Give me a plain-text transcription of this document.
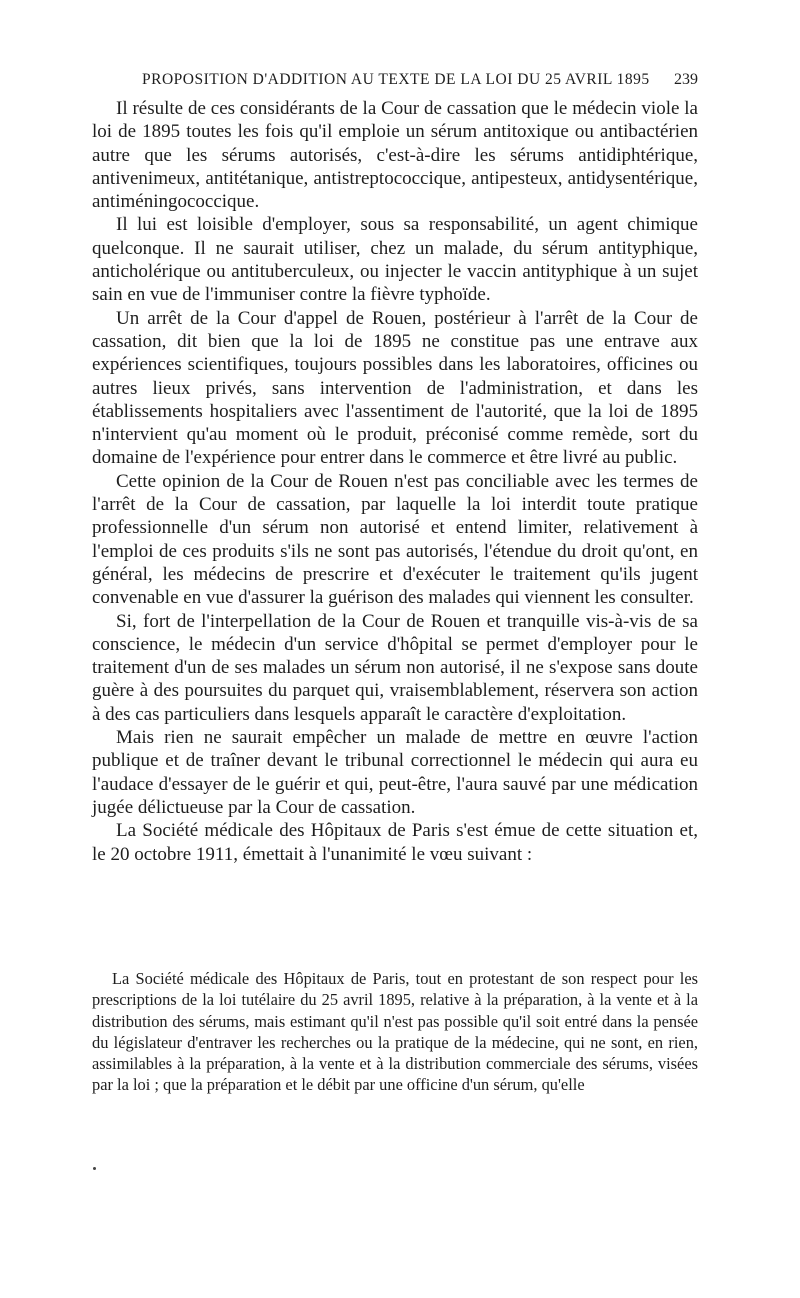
PROPOSITION D'ADDITION AU TEXTE DE LA LOI DU 25 AVRIL 1895 239

Il résulte de ces considérants de la Cour de cassation que le médecin viole la loi de 1895 toutes les fois qu'il emploie un sérum antitoxique ou antibactérien autre que les sérums autorisés, c'est-à-dire les sérums antidiphtérique, antivenimeux, antitétanique, antistreptococcique, antipesteux, antidysentérique, antiméningococcique.

Il lui est loisible d'employer, sous sa responsabilité, un agent chimique quelconque. Il ne saurait utiliser, chez un malade, du sérum antityphique, anticholérique ou antituberculeux, ou injecter le vaccin antityphique à un sujet sain en vue de l'immuniser contre la fièvre typhoïde.

Un arrêt de la Cour d'appel de Rouen, postérieur à l'arrêt de la Cour de cassation, dit bien que la loi de 1895 ne constitue pas une entrave aux expériences scientifiques, toujours possibles dans les laboratoires, officines ou autres lieux privés, sans intervention de l'administration, et dans les établissements hospitaliers avec l'assentiment de l'autorité, que la loi de 1895 n'intervient qu'au moment où le produit, préconisé comme remède, sort du domaine de l'expérience pour entrer dans le commerce et être livré au public.

Cette opinion de la Cour de Rouen n'est pas conciliable avec les termes de l'arrêt de la Cour de cassation, par laquelle la loi interdit toute pratique professionnelle d'un sérum non autorisé et entend limiter, relativement à l'emploi de ces produits s'ils ne sont pas autorisés, l'étendue du droit qu'ont, en général, les médecins de prescrire et d'exécuter le traitement qu'ils jugent convenable en vue d'assurer la guérison des malades qui viennent les consulter.

Si, fort de l'interpellation de la Cour de Rouen et tranquille vis-à-vis de sa conscience, le médecin d'un service d'hôpital se permet d'employer pour le traitement d'un de ses malades un sérum non autorisé, il ne s'expose sans doute guère à des poursuites du parquet qui, vraisemblablement, réservera son action à des cas particuliers dans lesquels apparaît le caractère d'exploitation.

Mais rien ne saurait empêcher un malade de mettre en œuvre l'action publique et de traîner devant le tribunal correctionnel le médecin qui aura eu l'audace d'essayer de le guérir et qui, peut-être, l'aura sauvé par une médication jugée délictueuse par la Cour de cassation.

La Société médicale des Hôpitaux de Paris s'est émue de cette situation et, le 20 octobre 1911, émettait à l'unanimité le vœu suivant :

La Société médicale des Hôpitaux de Paris, tout en protestant de son respect pour les prescriptions de la loi tutélaire du 25 avril 1895, relative à la préparation, à la vente et à la distribution des sérums, mais estimant qu'il n'est pas possible qu'il soit entré dans la pensée du législateur d'entraver les recherches ou la pratique de la médecine, qui ne sont, en rien, assimilables à la préparation, à la vente et à la distribution commerciale des sérums, visées par la loi ; que la préparation et le débit par une officine d'un sérum, qu'elle
